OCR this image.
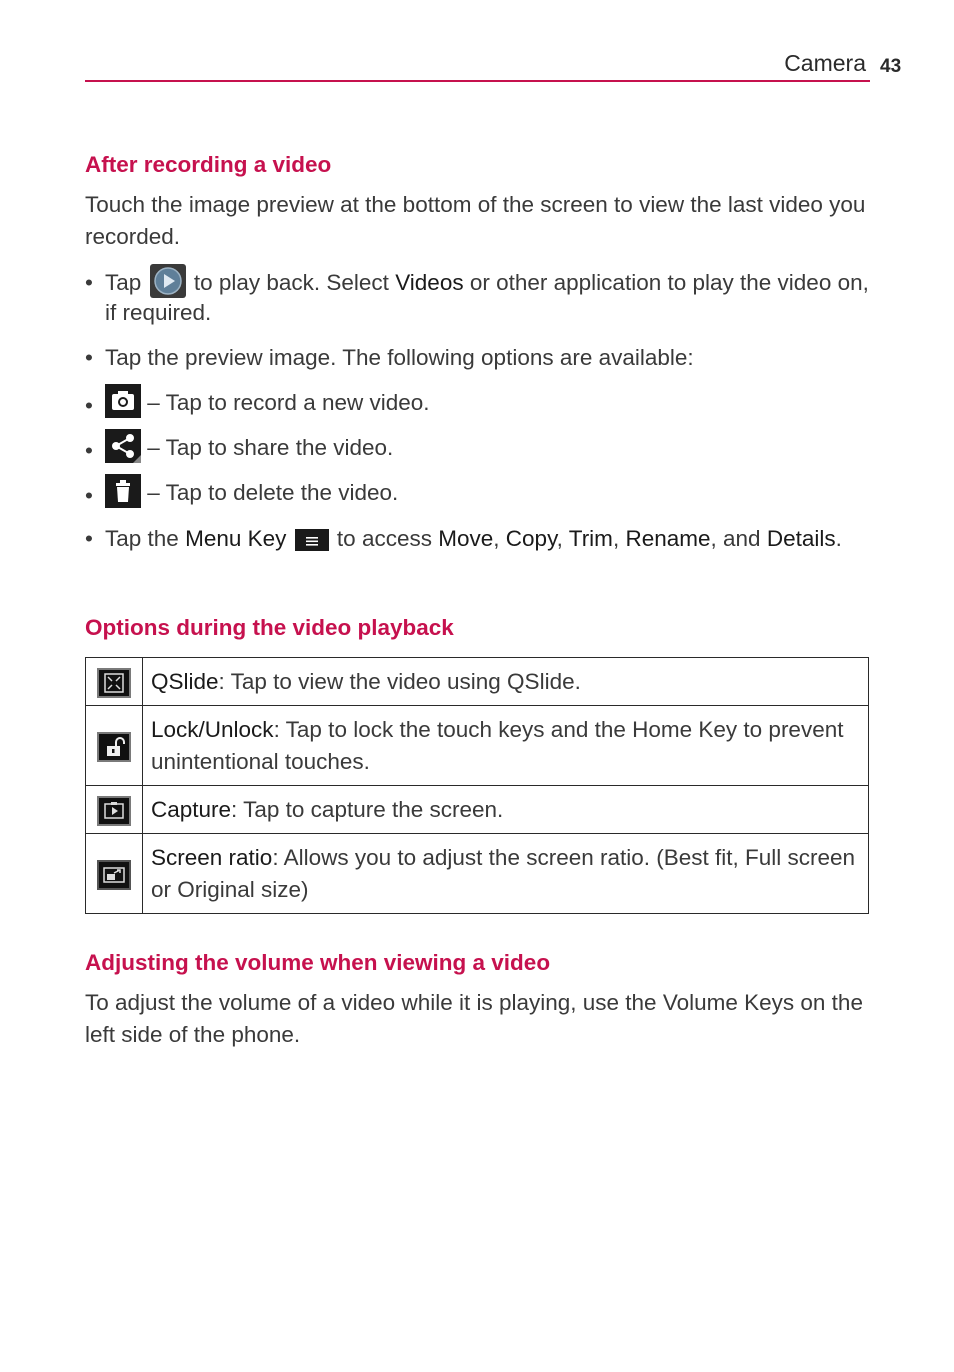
Camera 43
After recording a video

Touch the image preview at the bottom of the screen to view the last video you recorded.

• Tap to play back. Select Videos or other application to play the video on, if required.
• Tap the preview image. The following options are available:
•	– Tap to record a new video.
•	– Tap to share the video.
•	– Tap to delete the video.
• Tap the Menu Key to access Move, Copy, Trim, Rename, and Details.
Options during the video playback
	QSlide: Tap to view the video using QSlide.

	Lock/Unlock: Tap to lock the touch keys and the Home Key to prevent unintentional touches.

	Capture: Tap to capture the screen.

	Screen ratio: Allows you to adjust the screen ratio. (Best fit, Full screen or Original size)
Adjusting the volume when viewing a video

To adjust the volume of a video while it is playing, use the Volume Keys on the left side of the phone.
